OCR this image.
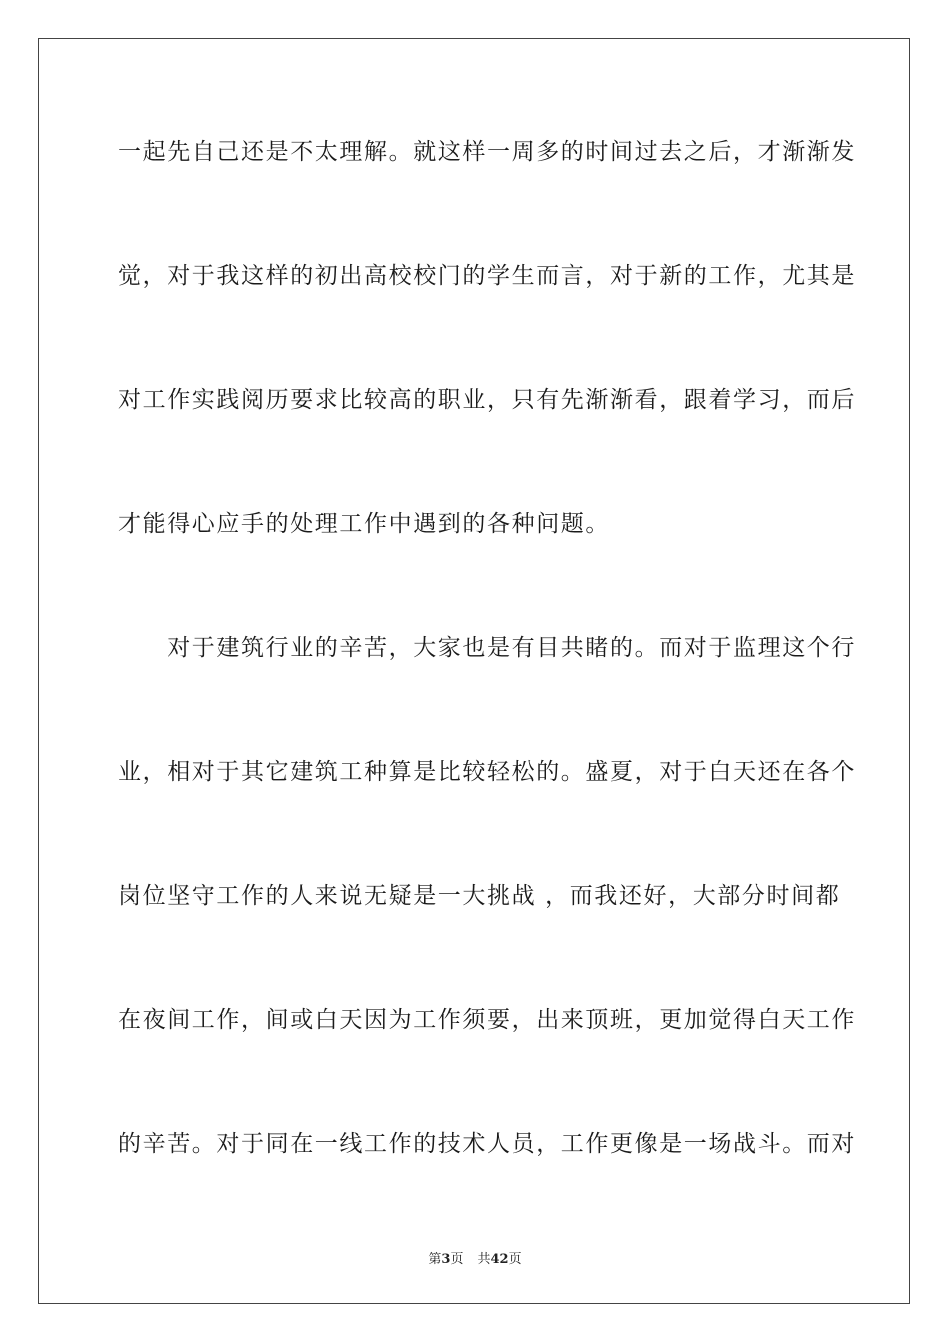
一起先自己还是不太理解。就这样一周多的时间过去之后，才渐渐发
觉，对于我这样的初出高校校门的学生而言，对于新的工作，尤其是
对工作实践阅历要求比较高的职业，只有先渐渐看，跟着学习，而后
才能得心应手的处理工作中遇到的各种问题。
　　对于建筑行业的辛苦，大家也是有目共睹的。而对于监理这个行
业，相对于其它建筑工种算是比较轻松的。盛夏，对于白天还在各个
岗位坚守工作的人来说无疑是一大挑战 ，而我还好，大部分时间都
在夜间工作，间或白天因为工作须要，出来顶班，更加觉得白天工作
的辛苦。对于同在一线工作的技术人员，工作更像是一场战斗。而对
第3页 共42页
